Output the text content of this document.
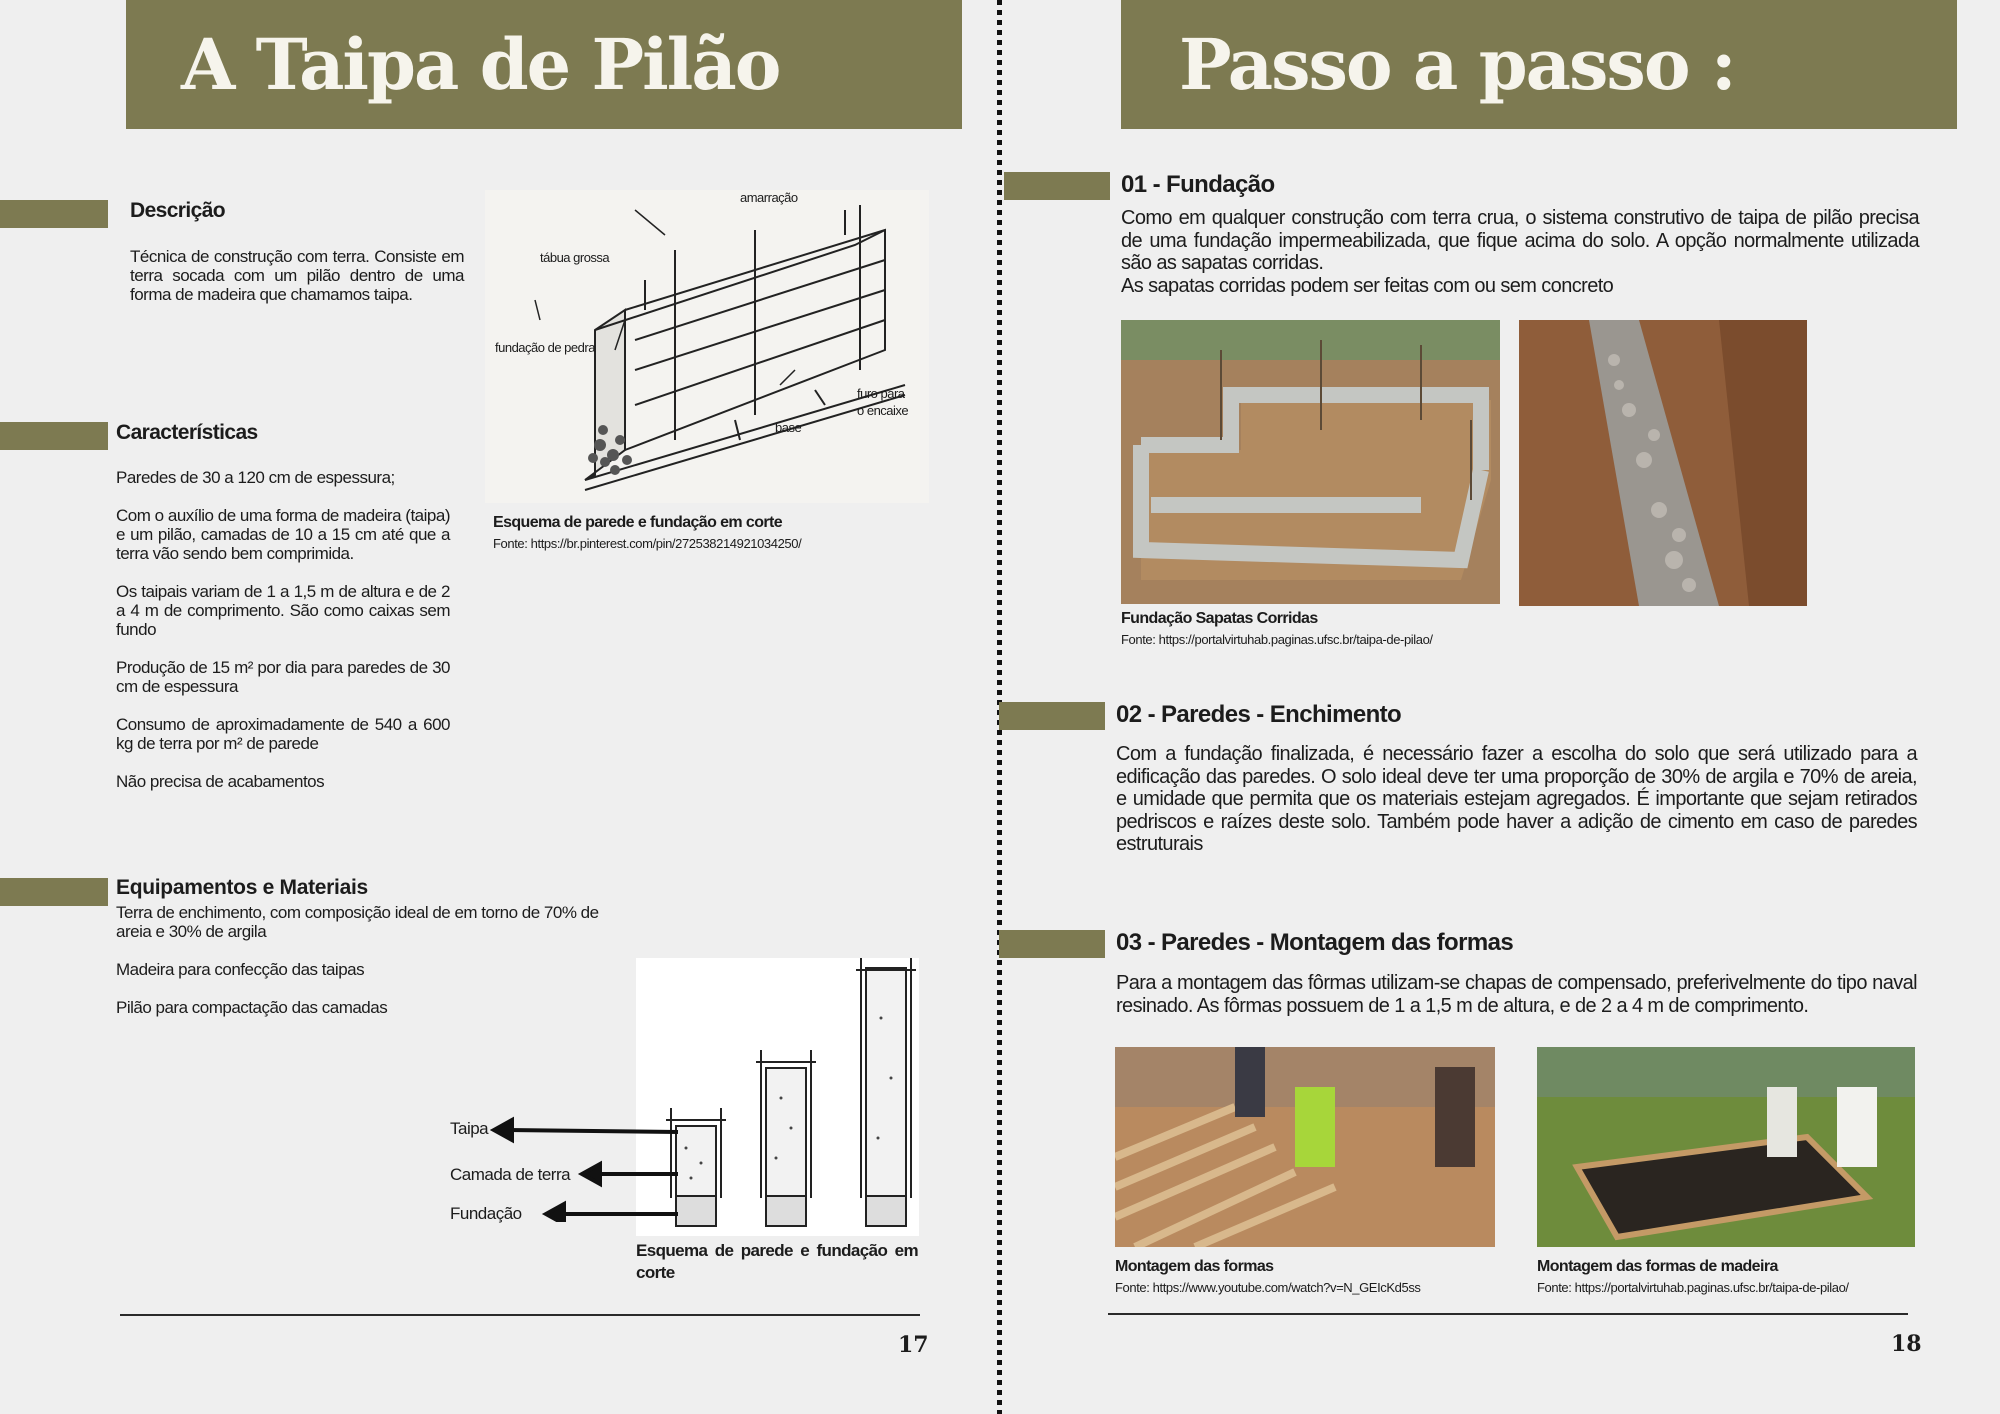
A Taipa de Pilão
Descrição
Técnica de construção com terra. Consiste em terra socada com um pilão dentro de uma forma de madeira que chamamos taipa.
amarração
tábua grossa
fundação de pedra
furo para
o encaixe
base
Esquema de parede e fundação em corte
Fonte: https://br.pinterest.com/pin/272538214921034250/
Características

Paredes de 30 a 120 cm de espessura;

Com o auxílio de uma forma de madeira (taipa) e um pilão, camadas de 10 a 15 cm até que a terra vão sendo bem comprimida.

Os taipais variam de 1 a 1,5 m de altura e de 2 a 4 m de comprimento. São como caixas sem fundo

Produção de 15 m² por dia para paredes de 30 cm de espessura

Consumo de aproximadamente de 540 a 600 kg de terra por m² de parede

Não precisa de acabamentos

Equipamentos e Materiais

Terra de enchimento, com composição ideal de em torno de 70% de areia e 30% de argila

Madeira para confecção das taipas

Pilão para compactação das camadas

Taipa
Camada de terra
Fundação
Esquema de parede e fundação em corte
17
Passo a passo :
01 - Fundação
Como em qualquer construção com terra crua, o sistema construtivo de taipa de pilão precisa de uma fundação impermeabilizada, que fique acima do solo. A opção normalmente utilizada são as sapatas corridas.
As sapatas corridas podem ser feitas com ou sem concreto
Fundação Sapatas Corridas
Fonte: https://portalvirtuhab.paginas.ufsc.br/taipa-de-pilao/
02 - Paredes - Enchimento
Com a fundação finalizada, é necessário fazer a escolha do solo que será utilizado para a edificação das paredes. O solo ideal deve ter uma proporção de 30% de argila e 70% de areia, e umidade que permita que os materiais estejam agregados. É importante que sejam retirados pedriscos e raízes deste solo. Também pode haver a adição de cimento em caso de paredes estruturais
03 - Paredes - Montagem das formas
Para a montagem das fôrmas utilizam-se chapas de compensado, preferivelmente do tipo naval resinado. As fôrmas possuem de 1 a 1,5 m de altura, e de 2 a 4 m de comprimento.
Montagem das formas
Fonte: https://www.youtube.com/watch?v=N_GEIcKd5ss
Montagem das formas de madeira
Fonte: https://portalvirtuhab.paginas.ufsc.br/taipa-de-pilao/
18
